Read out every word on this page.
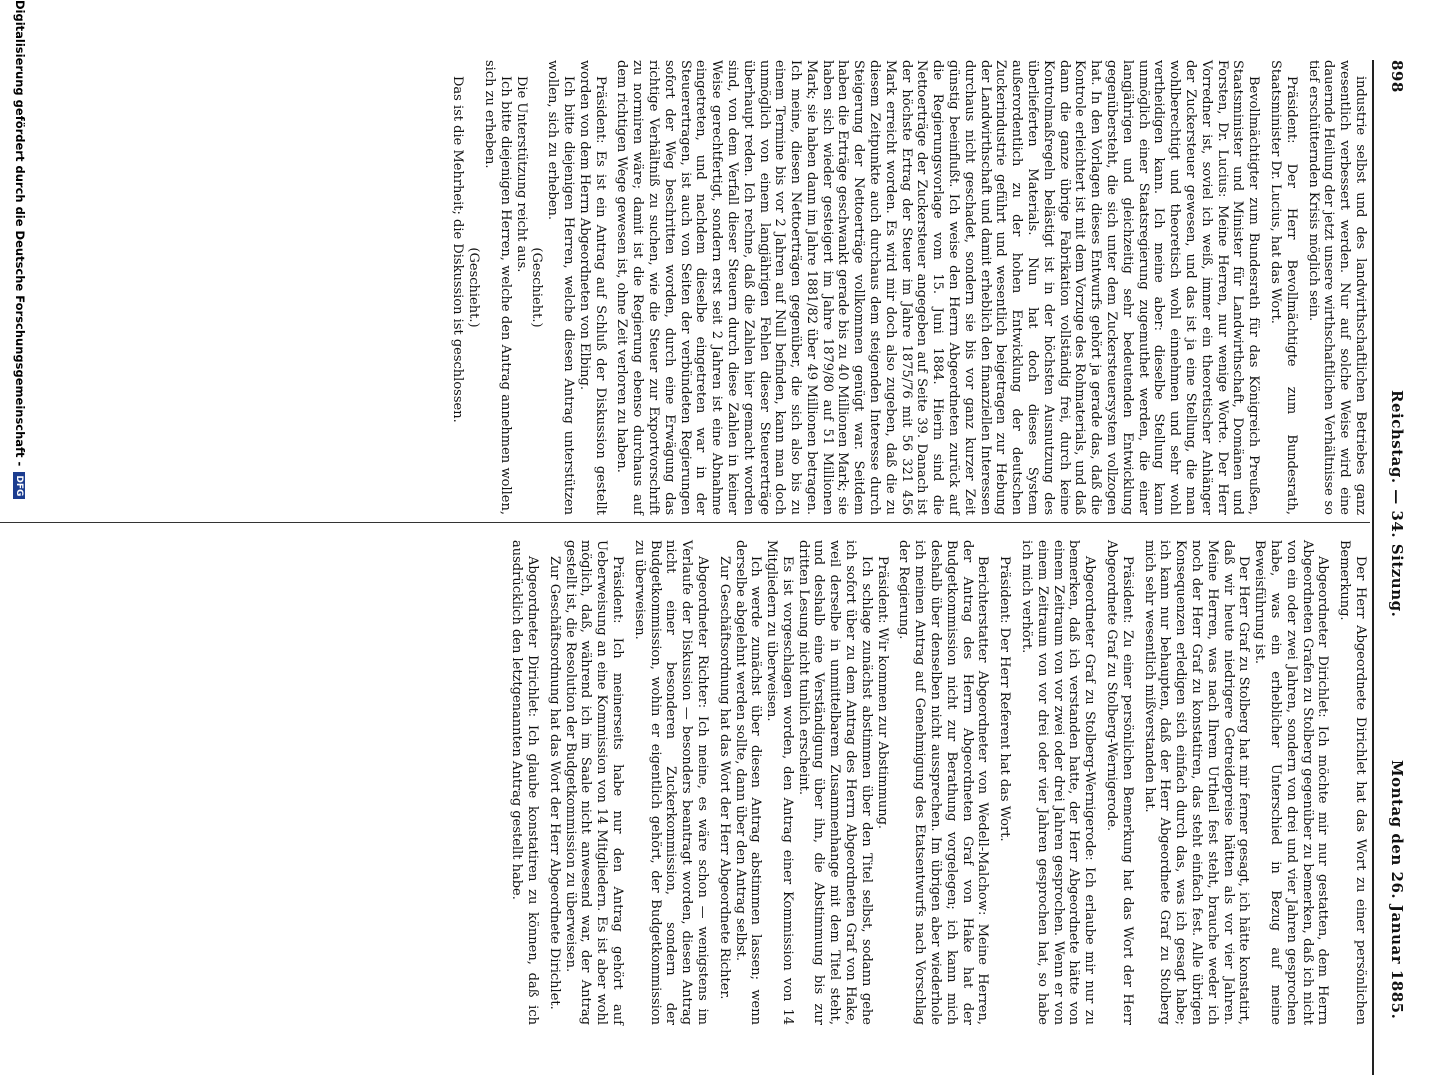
898
Reichstag. — 34. Sitzung.
Montag den 26. Januar 1885.

industrie selbst und des landwirthschaftlichen Betriebes ganz wesentlich verbessert werden. Nur auf solche Weise wird eine dauernde Heilung der jetzt unsere wirthschaftlichen Verhältnisse so tief erschütternden Krisis möglich sein.

Präsident: Der Herr Bevollmächtigte zum Bundesrath, Staatsminister Dr. Lucius, hat das Wort.

Bevollmächtigter zum Bundesrath für das Königreich Preußen, Staatsminister und Minister für Landwirthschaft, Domänen und Forsten, Dr. Lucius: Meine Herren, nur wenige Worte. Der Herr Vorredner ist, soviel ich weiß, immer ein theoretischer Anhänger der Zuckersteuer gewesen, und das ist ja eine Stellung, die man wohlberechtigt und theoretisch wohl einnehmen und sehr wohl vertheidigen kann. Ich meine aber: dieselbe Stellung kann unmöglich einer Staatsregierung zugemuthet werden, die einer langjährigen und gleichzeitig sehr bedeutenden Entwicklung gegenübersteht, die sich unter dem Zuckersteuersystem vollzogen hat. In den Vorlagen dieses Entwurfs gehört ja gerade das, daß die Kontrole erleichtert ist mit dem Vorzuge des Rohmaterials, und daß dann die ganze übrige Fabrikation vollständig frei, durch keine Kontrolmaßregeln belästigt ist in der höchsten Ausnutzung des überlieferten Materials. Nun hat doch dieses System außerordentlich zu der hohen Entwicklung der deutschen Zuckerindustrie geführt und wesentlich beigetragen zur Hebung der Landwirthschaft und damit erheblich den finanziellen Interessen durchaus nicht geschadet, sondern sie bis vor ganz kurzer Zeit günstig beeinflußt. Ich weise den Herrn Abgeordneten zurück auf die Regierungsvorlage vom 15. Juni 1884. Hierin sind die Nettoerträge der Zuckersteuer angegeben auf Seite 39. Danach ist der höchste Ertrag der Steuer im Jahre 1875/76 mit 56 321 456 Mark erreicht worden. Es wird mir doch also zugeben, daß die zu diesem Zeitpunkte auch durchaus dem steigenden Interesse durch Steigerung der Nettoerträge vollkommen genügt war. Seitdem haben die Erträge geschwankt gerade bis zu 40 Millionen Mark; sie haben sich wieder gesteigert im Jahre 1879/80 auf 51 Millionen Mark; sie haben dann im Jahre 1881/82 über 49 Millionen betragen. Ich meine, diesen Nettoerträgen gegenüber, die sich also bis zu einem Termine bis vor 2 Jahren auf Null befinden, kann man doch unmöglich von einem langjährigen Fehlen dieser Steuererträge überhaupt reden. Ich rechne, daß die Zahlen hier gemacht worden sind, von dem Verfall dieser Steuern durch diese Zahlen in keiner Weise gerechtfertigt, sondern erst seit 2 Jahren ist eine Abnahme eingetreten, und nachdem dieselbe eingetreten war in der Steuerertragen, ist auch von Seiten der verbündeten Regierungen sofort der Weg beschritten worden, durch eine Erwägung das richtige Verhältniß zu suchen, wie die Steuer zur Exportvorschrift zu normiren wäre; damit ist die Regierung ebenso durchaus auf dem richtigen Wege gewesen ist, ohne Zeit verloren zu haben.

Präsident: Es ist ein Antrag auf Schluß der Diskussion gestellt worden von dem Herrn Abgeordneten von Elbing.

Ich bitte diejenigen Herren, welche diesen Antrag unterstützen wollen, sich zu erheben.

(Geschieht.)

Die Unterstützung reicht aus.

Ich bitte diejenigen Herren, welche den Antrag annehmen wollen, sich zu erheben.

(Geschieht.)

Das ist die Mehrheit; die Diskussion ist geschlossen.

Der Herr Abgeordnete Dirichlet hat das Wort zu einer persönlichen Bemerkung.

Abgeordneter Dirichlet: Ich möchte mir nur gestatten, dem Herrn Abgeordneten Grafen zu Stolberg gegenüber zu bemerken, daß ich nicht von ein oder zwei Jahren, sondern von drei und vier Jahren gesprochen habe, was ein erheblicher Unterschied in Bezug auf meine Beweisführung ist.

Der Herr Graf zu Stolberg hat mir ferner gesagt, ich hätte konstatirt, daß wir heute niedrigere Getreidepreise hätten als vor vier Jahren. Meine Herren, was nach Ihrem Urtheil fest steht, brauche weder ich noch der Herr Graf zu konstatiren, das steht einfach fest. Alle übrigen Konsequenzen erledigen sich einfach durch das, was ich gesagt habe; ich kann nur behaupten, daß der Herr Abgeordnete Graf zu Stolberg mich sehr wesentlich mißverstanden hat.

Präsident: Zu einer persönlichen Bemerkung hat das Wort der Herr Abgeordnete Graf zu Stolberg-Wernigerode.

Abgeordneter Graf zu Stolberg-Wernigerode: Ich erlaube mir nur zu bemerken, daß ich verstanden hatte, der Herr Abgeordnete hätte von einem Zeitraum von vor zwei oder drei Jahren gesprochen. Wenn er von einem Zeitraum von vor drei oder vier Jahren gesprochen hat, so habe ich mich verhört.

Präsident: Der Herr Referent hat das Wort.

Berichterstatter Abgeordneter von Wedell-Malchow: Meine Herren, der Antrag des Herrn Abgeordneten Graf von Hake hat der Budgetkommission nicht zur Berathung vorgelegen; ich kann mich deshalb über denselben nicht aussprechen. Im übrigen aber wiederhole ich meinen Antrag auf Genehmigung des Etatsentwurfs nach Vorschlag der Regierung.

Präsident: Wir kommen zur Abstimmung.

Ich schlage zunächst abstimmen über den Titel selbst, sodann gehe ich sofort über zu dem Antrag des Herrn Abgeordneten Graf von Hake, weil derselbe in unmittelbarem Zusammenhange mit dem Titel steht, und deshalb eine Verständigung über ihn, die Abstimmung bis zur dritten Lesung nicht tunlich erscheint.

Es ist vorgeschlagen worden, den Antrag einer Kommission von 14 Mitgliedern zu überweisen.

Ich werde zunächst über diesen Antrag abstimmen lassen; wenn derselbe abgelehnt werden sollte, dann über den Antrag selbst.

Zur Geschäftsordnung hat das Wort der Herr Abgeordnete Richter.

Abgeordneter Richter: Ich meine, es wäre schon — wenigstens im Verlaufe der Diskussion — besonders beantragt worden, diesen Antrag nicht einer besonderen Zuckerkommission, sondern der Budgetkommission, wohin er eigentlich gehört, der Budgetkommission zu überweisen.

Präsident: Ich meinerseits habe nur den Antrag gehört auf Ueberweisung an eine Kommission von 14 Mitgliedern. Es ist aber wohl möglich, daß, während ich im Saale nicht anwesend war, der Antrag gestellt ist, die Resolution der Budgetkommission zu überweisen.

Zur Geschäftsordnung hat das Wort der Herr Abgeordnete Dirichlet.

Abgeordneter Dirichlet: Ich glaube konstatiren zu können, daß ich ausdrücklich den letztgenannten Antrag gestellt habe.

Digitalisierung gefördert durch die Deutsche Forschungsgemeinschaft -DFG
